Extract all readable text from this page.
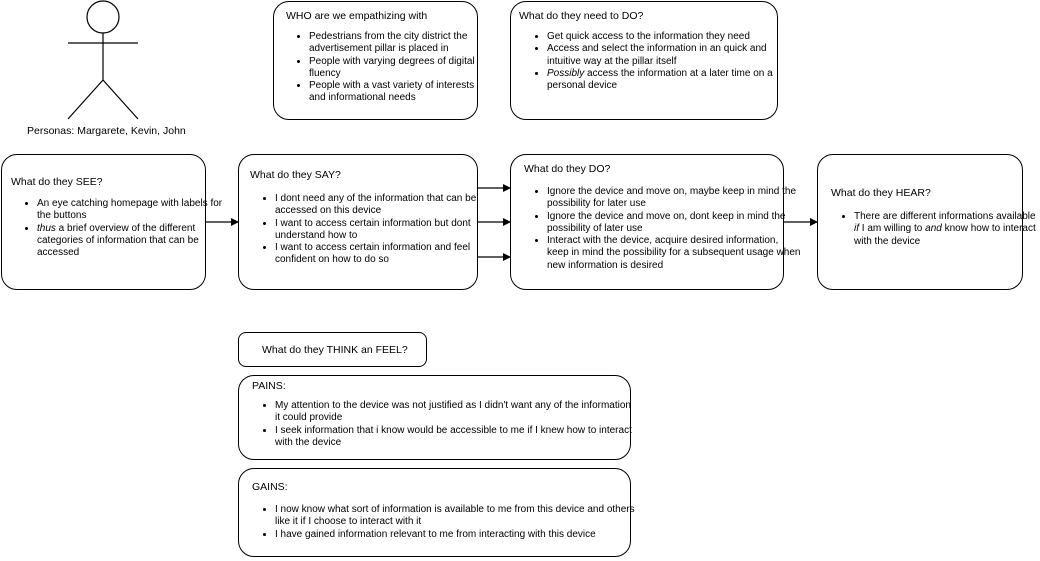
Personas: Margarete, Kevin, John
WHO are we empathizing with
• Pedestrians from the city district the advertisement pillar is placed in
• People with varying degrees of digital fluency
• People with a vast variety of interests and informational needs
What do they need to DO?
• Get quick access to the information they need
• Access and select the information in an quick and intuitive way at the pillar itself
• Possibly access the information at a later time on a personal device
What do they SEE?
• An eye catching homepage with labels for the buttons
• thus a brief overview of the different categories of information that can be accessed
What do they SAY?
• I dont need any of the information that can be accessed on this device
• I want to access certain information but dont understand how to
• I want to access certain information and feel confident on how to do so
What do they DO?
• Ignore the device and move on, maybe keep in mind the possibility for later use
• Ignore the device and move on, dont keep in mind the possibility of later use
• Interact with the device, acquire desired information, keep in mind the possibility for a subsequent usage when new information is desired
What do they HEAR?
• There are different informations available if I am willing to and know how to interact with the device
What do they THINK an FEEL?
PAINS:
• My attention to the device was not justified as I didn't want any of the information it could provide
• I seek information that i know would be accessible to me if I knew how to interact with the device
GAINS:
• I now know what sort of information is available to me from this device and others like it if I choose to interact with it
• I have gained information relevant to me from interacting with this device
